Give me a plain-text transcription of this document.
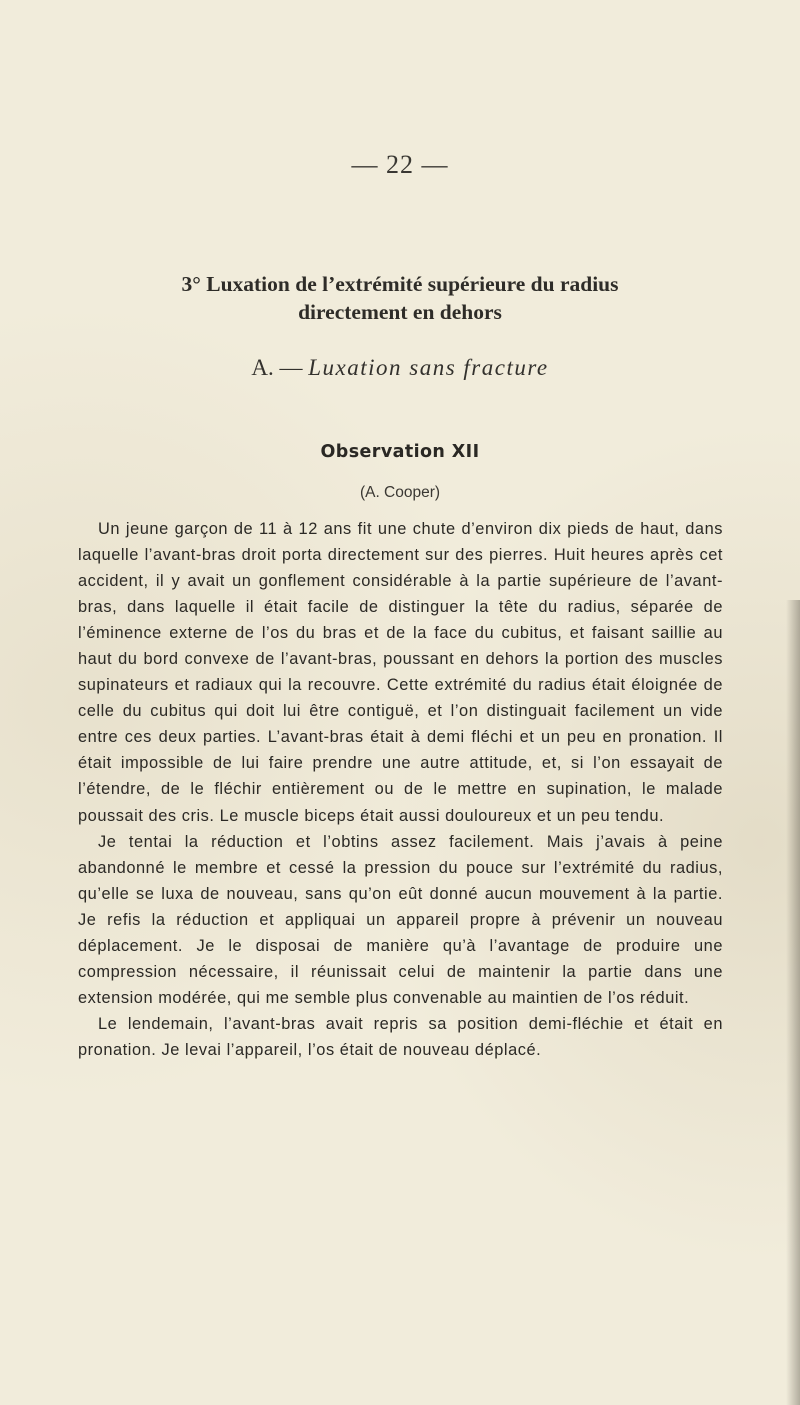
— 22 —
3° Luxation de l’extrémité supérieure du radius
directement en dehors
A. — Luxation sans fracture
Observation XII
(A. Cooper)

Un jeune garçon de 11 à 12 ans fit une chute d’environ dix pieds de haut, dans laquelle l’avant-bras droit porta directement sur des pierres. Huit heures après cet accident, il y avait un gonflement considérable à la partie supérieure de l’avant-bras, dans laquelle il était facile de distinguer la tête du radius, séparée de l’éminence externe de l’os du bras et de la face du cubitus, et faisant saillie au haut du bord convexe de l’avant-bras, poussant en dehors la portion des muscles supinateurs et radiaux qui la recouvre. Cette extrémité du radius était éloignée de celle du cubitus qui doit lui être contiguë, et l’on distinguait facilement un vide entre ces deux parties. L’avant-bras était à demi fléchi et un peu en pronation. Il était impossible de lui faire prendre une autre attitude, et, si l’on essayait de l’étendre, de le fléchir entièrement ou de le mettre en supination, le malade poussait des cris. Le muscle biceps était aussi douloureux et un peu tendu.

Je tentai la réduction et l’obtins assez facilement. Mais j’avais à peine abandonné le membre et cessé la pression du pouce sur l’extrémité du radius, qu’elle se luxa de nouveau, sans qu’on eût donné aucun mouvement à la partie. Je refis la réduction et appliquai un appareil propre à prévenir un nouveau déplacement. Je le disposai de manière qu’à l’avantage de produire une compression nécessaire, il réunissait celui de maintenir la partie dans une extension modérée, qui me semble plus convenable au maintien de l’os réduit.

Le lendemain, l’avant-bras avait repris sa position demi-fléchie et était en pronation. Je levai l’appareil, l’os était de nouveau déplacé.
